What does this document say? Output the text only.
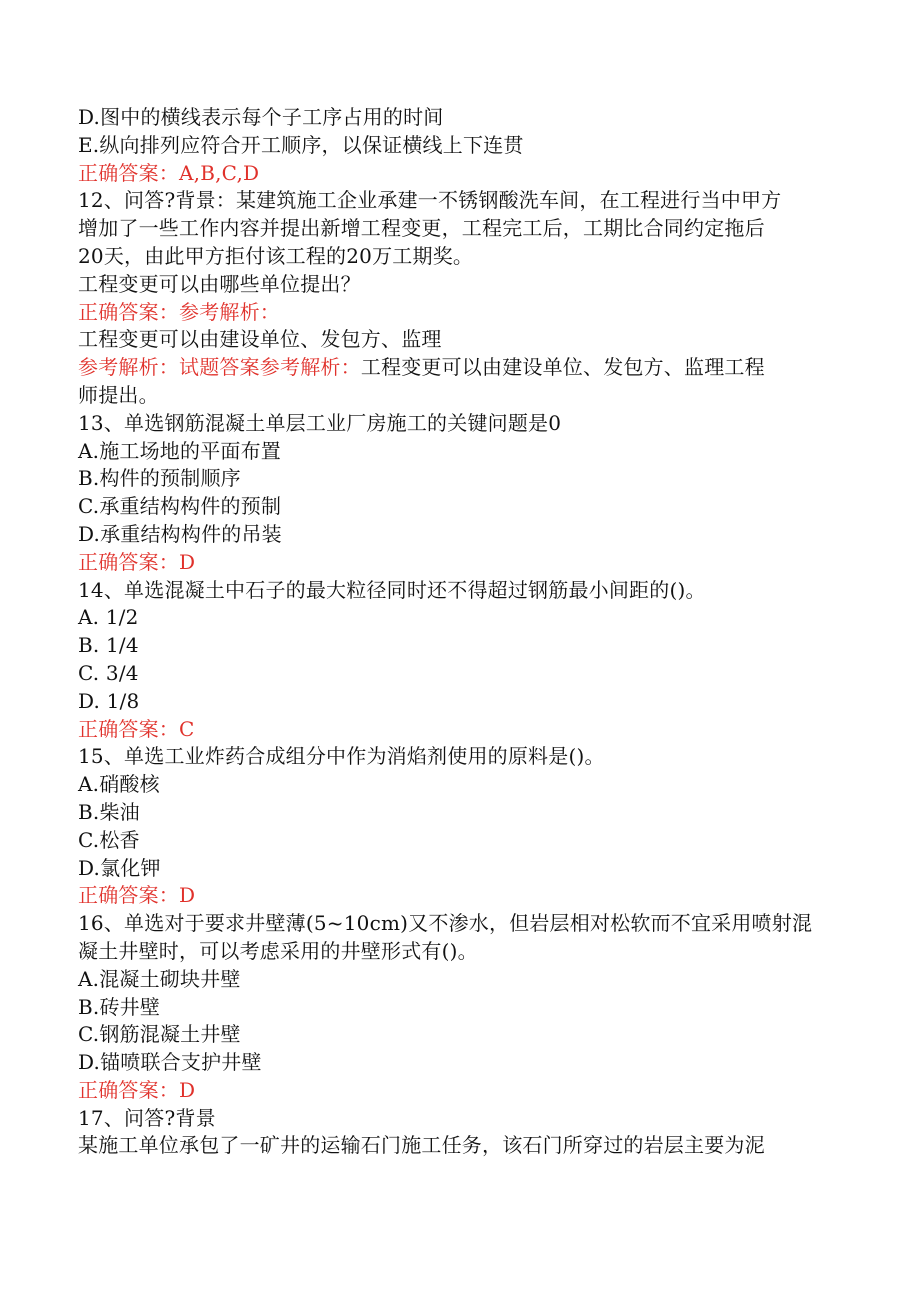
D.图中的横线表示每个子工序占用的时间
E.纵向排列应符合开工顺序，以保证横线上下连贯
正确答案：A,B,C,D
12、问答?背景：某建筑施工企业承建一不锈钢酸洗车间，在工程进行当中甲方
增加了一些工作内容并提出新增工程变更，工程完工后，工期比合同约定拖后
20天，由此甲方拒付该工程的20万工期奖。
工程变更可以由哪些单位提出？
正确答案：参考解析：
工程变更可以由建设单位、发包方、监理
参考解析：试题答案参考解析：工程变更可以由建设单位、发包方、监理工程
师提出。
13、单选钢筋混凝土单层工业厂房施工的关键问题是0
A.施工场地的平面布置
B.构件的预制顺序
C.承重结构构件的预制
D.承重结构构件的吊装
正确答案：D
14、单选混凝土中石子的最大粒径同时还不得超过钢筋最小间距的()。
A. 1/2
B. 1/4
C. 3/4
D. 1/8
正确答案：C
15、单选工业炸药合成组分中作为消焰剂使用的原料是()。
A.硝酸核
B.柴油
C.松香
D.氯化钾
正确答案：D
16、单选对于要求井壁薄(5~10cm)又不渗水，但岩层相对松软而不宜采用喷射混
凝土井壁时，可以考虑采用的井壁形式有()。
A.混凝土砌块井壁
B.砖井壁
C.钢筋混凝土井壁
D.锚喷联合支护井壁
正确答案：D
17、问答?背景
某施工单位承包了一矿井的运输石门施工任务，该石门所穿过的岩层主要为泥
